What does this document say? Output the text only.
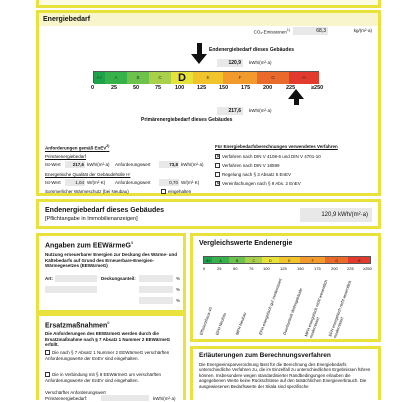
Energiebedarf
CO₂-Emissionen$^{1)}$	68,3	kg/(m²·a)
Endenergiebedarf dieses Gebäudes
120,9	kWh/(m²·a)
A+	A	B	C	D	E	F	G	H
0	25	50	75	100 125 150 175 200	225	≥250
217,6	kWh/(m²·a)
Primärenergiebedarf dieses Gebäudes
Anforderungen gemäß EnEV$^{2)}$
Primärenergiebedarf
Ist-Wert	217,6 kWh/(m²·a) Anforderungswert	73,8 kWh/(m²·a)
Energetische Qualität der Gebäudehülle H′
Ist-Wert	1,04 W/(m²·K) Anforderungswert	0,70 W/(m²·K)
Sommerlicher Wärmeschutz (bei Neubau)	eingehalten
Für Energiebedarfsberechnungen verwendetes Verfahren
✕ Verfahren nach DIN V 4108-6 und DIN V 4701-10
Verfahren nach DIN V 18599
Regelung nach § 3 Absatz 5 EnEV
✕ Vereinfachungen nach § 9 Abs. 2 EnEV
Endenergiebedarf dieses Gebäudes
[Pflichtangabe in Immobilienanzeigen]
120,9 kWh/(m²·a)
Angaben zum EEWärmeG$^5$
Nutzung erneuerbarer Energien zur Deckung des Wärme- und Kältebedarfs auf Grund des Erneuerbare-Energien-Wärmegesetzes (EEWärmeG)
Art:	Deckungsanteil:	%
%
%
Ersatzmaßnahmen$^6$
Die Anforderungen des EEWärmeG werden durch die Ersatzmaßnahme nach § 7 Absatz 1 Nummer 2 EEWärmeG erfüllt.
Die nach § 7 Absatz 1 Nummer 2 EEWärmeG verschärften Anforderungswerte der EnEV sind eingehalten.
Die in Verbindung mit § 8 EEWärmeG um verschärften Anforderungswerte der EnEV sind eingehalten.
Verschärfter Anforderungswert
Primärenergiebedarf:	kWh/(m²·a)
Vergleichswerte Endenergie
A+	A	B	C	D	E	F	G	H
0	25	50	75 100	125	150	175	200 225 ≥250
Effizienzhaus 40 EFH Neubau	MFH Neubau	EFH energetisch gut modernisiert
Durchschnitt Wohngebäude MFH energetisch nicht wesentlich modernisiert	EFH energetisch nicht wesentlich modernisiert
Erläuterungen zum Berechnungsverfahren
Die Energieeinsparverordnung lässt für die Berechnung des Energiebedarfs unterschiedliche Verfahren zu, die im Einzelfall zu unterschiedlichen Ergebnissen führen können. Insbesondere wegen standardisierter Randbedingungen erlauben die angegebenen Werte keine Rückschlüsse auf den tatsächlichen Energieverbrauch. Die ausgewiesenen Bedarfswerte der Skala sind spezifische
